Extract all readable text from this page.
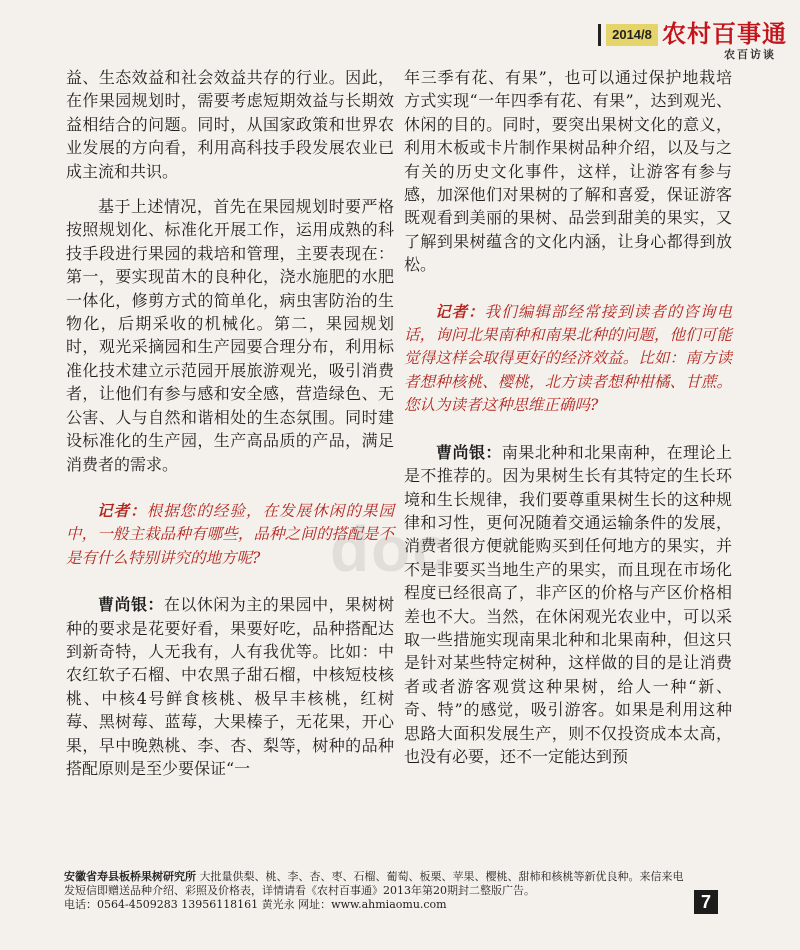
2014/8 农村百事通
农百访谈

益、生态效益和社会效益共存的行业。因此，在作果园规划时，需要考虑短期效益与长期效益相结合的问题。同时，从国家政策和世界农业发展的方向看，利用高科技手段发展农业已成主流和共识。

基于上述情况，首先在果园规划时要严格按照规划化、标准化开展工作，运用成熟的科技手段进行果园的栽培和管理，主要表现在：第一，要实现苗木的良种化，浇水施肥的水肥一体化，修剪方式的简单化，病虫害防治的生物化，后期采收的机械化。第二，果园规划时，观光采摘园和生产园要合理分布，利用标准化技术建立示范园开展旅游观光，吸引消费者，让他们有参与感和安全感，营造绿色、无公害、人与自然和谐相处的生态氛围。同时建设标准化的生产园，生产高品质的产品，满足消费者的需求。

记者：根据您的经验，在发展休闲的果园中，一般主栽品种有哪些，品种之间的搭配是不是有什么特别讲究的地方呢?

曹尚银：在以休闲为主的果园中，果树树种的要求是花要好看，果要好吃，品种搭配达到新奇特，人无我有，人有我优等。比如：中农红软子石榴、中农黑子甜石榴，中核短枝核桃、中核4号鲜食核桃、极早丰核桃，红树莓、黑树莓、蓝莓，大果榛子，无花果，开心果，早中晚熟桃、李、杏、梨等，树种的品种搭配原则是至少要保证“一

年三季有花、有果”，也可以通过保护地栽培方式实现“一年四季有花、有果”，达到观光、休闲的目的。同时，要突出果树文化的意义，利用木板或卡片制作果树品种介绍，以及与之有关的历史文化事件，这样，让游客有参与感，加深他们对果树的了解和喜爱，保证游客既观看到美丽的果树、品尝到甜美的果实，又了解到果树蕴含的文化内涵，让身心都得到放松。

记者：我们编辑部经常接到读者的咨询电话，询问北果南种和南果北种的问题，他们可能觉得这样会取得更好的经济效益。比如：南方读者想种核桃、樱桃，北方读者想种柑橘、甘蔗。您认为读者这种思维正确吗?

曹尚银：南果北种和北果南种，在理论上是不推荐的。因为果树生长有其特定的生长环境和生长规律，我们要尊重果树生长的这种规律和习性，更何况随着交通运输条件的发展，消费者很方便就能购买到任何地方的果实，并不是非要买当地生产的果实，而且现在市场化程度已经很高了，非产区的价格与产区价格相差也不大。当然，在休闲观光农业中，可以采取一些措施实现南果北种和北果南种，但这只是针对某些特定树种，这样做的目的是让消费者或者游客观赏这种果树，给人一种“新、奇、特”的感觉，吸引游客。如果是利用这种思路大面积发展生产，则不仅投资成本太高，也没有必要，还不一定能达到预

doc
安徽省寿县板桥果树研究所 大批量供梨、桃、李、杏、枣、石榴、葡萄、板栗、苹果、樱桃、甜柿和核桃等新优良种。来信来电发短信即赠送品种介绍、彩照及价格表，详情请看《农村百事通》2013年第20期封二整版广告。
电话：0564-4509283 13956118161 黄光永 网址：www.ahmiaomu.com	7
